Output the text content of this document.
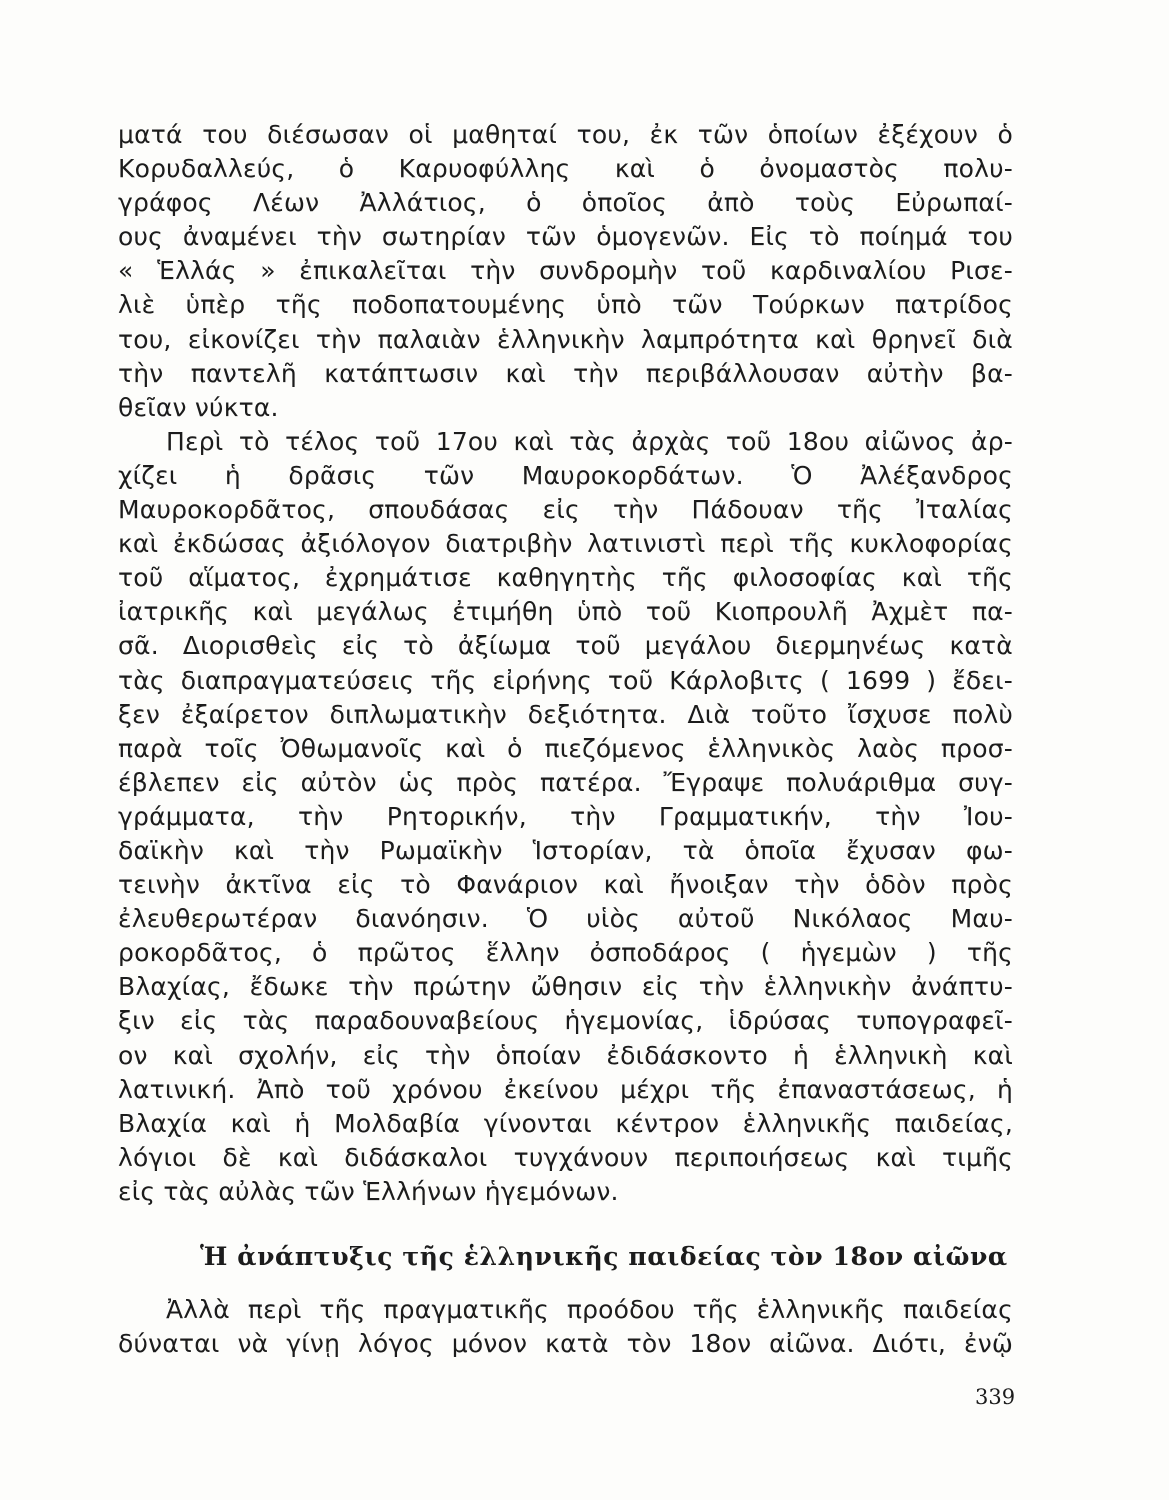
ματά του διέσωσαν οἱ μαθηταί του, ἐκ τῶν ὁποίων ἐξέχουν ὁ
Κορυδαλλεύς, ὁ Καρυοφύλλης καὶ ὁ ὀνομαστὸς πολυ-
γράφος Λέων Ἀλλάτιος, ὁ ὁποῖος ἀπὸ τοὺς Εὐρωπαί-
ους ἀναμένει τὴν σωτηρίαν τῶν ὁμογενῶν. Εἰς τὸ ποίημά του
« Ἑλλάς » ἐπικαλεῖται τὴν συνδρομὴν τοῦ καρδιναλίου Ρισε-
λιὲ ὑπὲρ τῆς ποδοπατουμένης ὑπὸ τῶν Τούρκων πατρίδος
του, εἰκονίζει τὴν παλαιὰν ἑλληνικὴν λαμπρότητα καὶ θρηνεῖ διὰ
τὴν παντελῆ κατάπτωσιν καὶ τὴν περιβάλλουσαν αὐτὴν βα-
θεῖαν νύκτα.
Περὶ τὸ τέλος τοῦ 17ου καὶ τὰς ἀρχὰς τοῦ 18ου αἰῶνος ἀρ-
χίζει ἡ δρᾶσις τῶν Μαυροκορδάτων. Ὁ Ἀλέξανδρος
Μαυροκορδᾶτος, σπουδάσας εἰς τὴν Πάδουαν τῆς Ἰταλίας
καὶ ἐκδώσας ἀξιόλογον διατριβὴν λατινιστὶ περὶ τῆς κυκλοφορίας
τοῦ αἵματος, ἐχρημάτισε καθηγητὴς τῆς φιλοσοφίας καὶ τῆς
ἰατρικῆς καὶ μεγάλως ἐτιμήθη ὑπὸ τοῦ Κιοπρουλῆ Ἀχμὲτ πα-
σᾶ. Διορισθεὶς εἰς τὸ ἀξίωμα τοῦ μεγάλου διερμηνέως κατὰ
τὰς διαπραγματεύσεις τῆς εἰρήνης τοῦ Κάρλοβιτς ( 1699 ) ἔδει-
ξεν ἐξαίρετον διπλωματικὴν δεξιότητα. Διὰ τοῦτο ἴσχυσε πολὺ
παρὰ τοῖς Ὀθωμανοῖς καὶ ὁ πιεζόμενος ἑλληνικὸς λαὸς προσ-
έβλεπεν εἰς αὐτὸν ὡς πρὸς πατέρα. Ἔγραψε πολυάριθμα συγ-
γράμματα, τὴν Ρητορικήν, τὴν Γραμματικήν, τὴν Ἰου-
δαϊκὴν καὶ τὴν Ρωμαϊκὴν Ἱστορίαν, τὰ ὁποῖα ἔχυσαν φω-
τεινὴν ἀκτῖνα εἰς τὸ Φανάριον καὶ ἤνοιξαν τὴν ὁδὸν πρὸς
ἐλευθερωτέραν διανόησιν. Ὁ υἱὸς αὐτοῦ Νικόλαος Μαυ-
ροκορδᾶτος, ὁ πρῶτος ἕλλην ὀσποδάρος ( ἡγεμὼν ) τῆς
Βλαχίας, ἔδωκε τὴν πρώτην ὤθησιν εἰς τὴν ἑλληνικὴν ἀνάπτυ-
ξιν εἰς τὰς παραδουναβείους ἡγεμονίας, ἱδρύσας τυπογραφεῖ-
ον καὶ σχολήν, εἰς τὴν ὁποίαν ἐδιδάσκοντο ἡ ἑλληνικὴ καὶ
λατινική. Ἀπὸ τοῦ χρόνου ἐκείνου μέχρι τῆς ἐπαναστάσεως, ἡ
Βλαχία καὶ ἡ Μολδαβία γίνονται κέντρον ἑλληνικῆς παιδείας,
λόγιοι δὲ καὶ διδάσκαλοι τυγχάνουν περιποιήσεως καὶ τιμῆς
εἰς τὰς αὐλὰς τῶν Ἑλλήνων ἡγεμόνων.
Ἡ ἀνάπτυξις τῆς ἑλληνικῆς παιδείας τὸν 18ον αἰῶνα
Ἀλλὰ περὶ τῆς πραγματικῆς προόδου τῆς ἑλληνικῆς παιδείας
δύναται νὰ γίνῃ λόγος μόνον κατὰ τὸν 18ον αἰῶνα. Διότι, ἐνῷ
339
